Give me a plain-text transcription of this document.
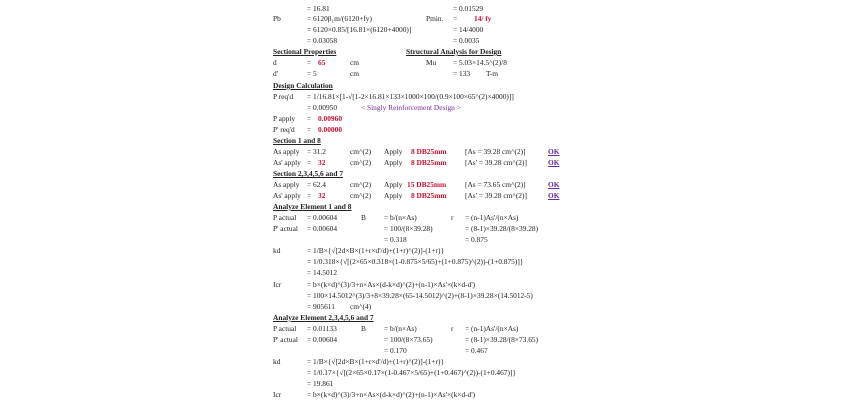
= 16.81	= 0.01529
Pb	= 6120β₁m/(6120+fy)	Pmin. = 14/ fy
= 6120×0.85/[16.81×(6120+4000)]	= 14/4000
= 0.03058	= 0.0035
Sectional Properties	Structural Analysis for Design
d	= 65	cm	Mu = 5.03×14.5^(2)/8
d'	= 5	cm	= 133 T-m
Design Calculation
P req'd = 1/16.81×[1-√[1-2×16.81×133×1000×100/(0.9×100×65^(2)×4000)]]
= 0.00950	< Singly Reinforcement Design >
P apply = 0.00960
P' req'd = 0.00000
Section 1 and 8
As apply = 31.2	cm^(2) Apply 8 DB25mm [As = 39.28 cm^(2)]	OK
As' apply = 32	cm^(2) Apply 8 DB25mm [As' = 39.28 cm^(2)]	OK
Section 2,3,4,5,6 and 7
As apply = 62.4	cm^(2) Apply 15 DB25mm	[As = 73.65 cm^(2)]	OK
As' apply = 32	cm^(2) Apply 8 DB25mm [As' = 39.28 cm^(2)]	OK
Analyze Element 1 and 8
P actual = 0.00604	B = b/(n×As)	r = (n-1)As'/(n×As)
P' actual = 0.00604	= 100/(8×39.28)	= (8-1)×39.28/(8×39.28)
= 0.318	= 0.875
kd	= 1/B×{√[2d×B×(1+r×d'/d)+(1+r)^(2)]-(1+r)}
= 1/0.318×{√[(2×65×0.318×(1-0.875×5/65)+(1+0.875)^(2))-(1+0.875)]}
= 14.5012
Icr	= b×(k×d)^(3)/3+n×As×(d-k×d)^(2)+(n-1)×As'×(k×d-d')
= 100×14.5012^(3)/3+8×39.28×(65-14.5012)^(2)+(8-1)×39.28×(14.5012-5)
= 905611 cm^(4)
Analyze Element 2,3,4,5,6 and 7
P actual = 0.01133	B = b/(n×As)	r = (n-1)As'/(n×As)
P' actual = 0.00604	= 100/(8×73.65)	= (8-1)×39.28/(8×73.65)
= 0.170	= 0.467
kd	= 1/B×{√[2d×B×(1+r×d'/d)+(1+r)^(2)]-(1+r)}
= 1/0.17×{√[(2×65×0.17×(1-0.467×5/65)+(1+0.467)^(2))-(1+0.467)]}
= 19.861
Icr	= b×(k×d)^(3)/3+n×As×(d-k×d)^(2)+(n-1)×As'×(k×d-d')
